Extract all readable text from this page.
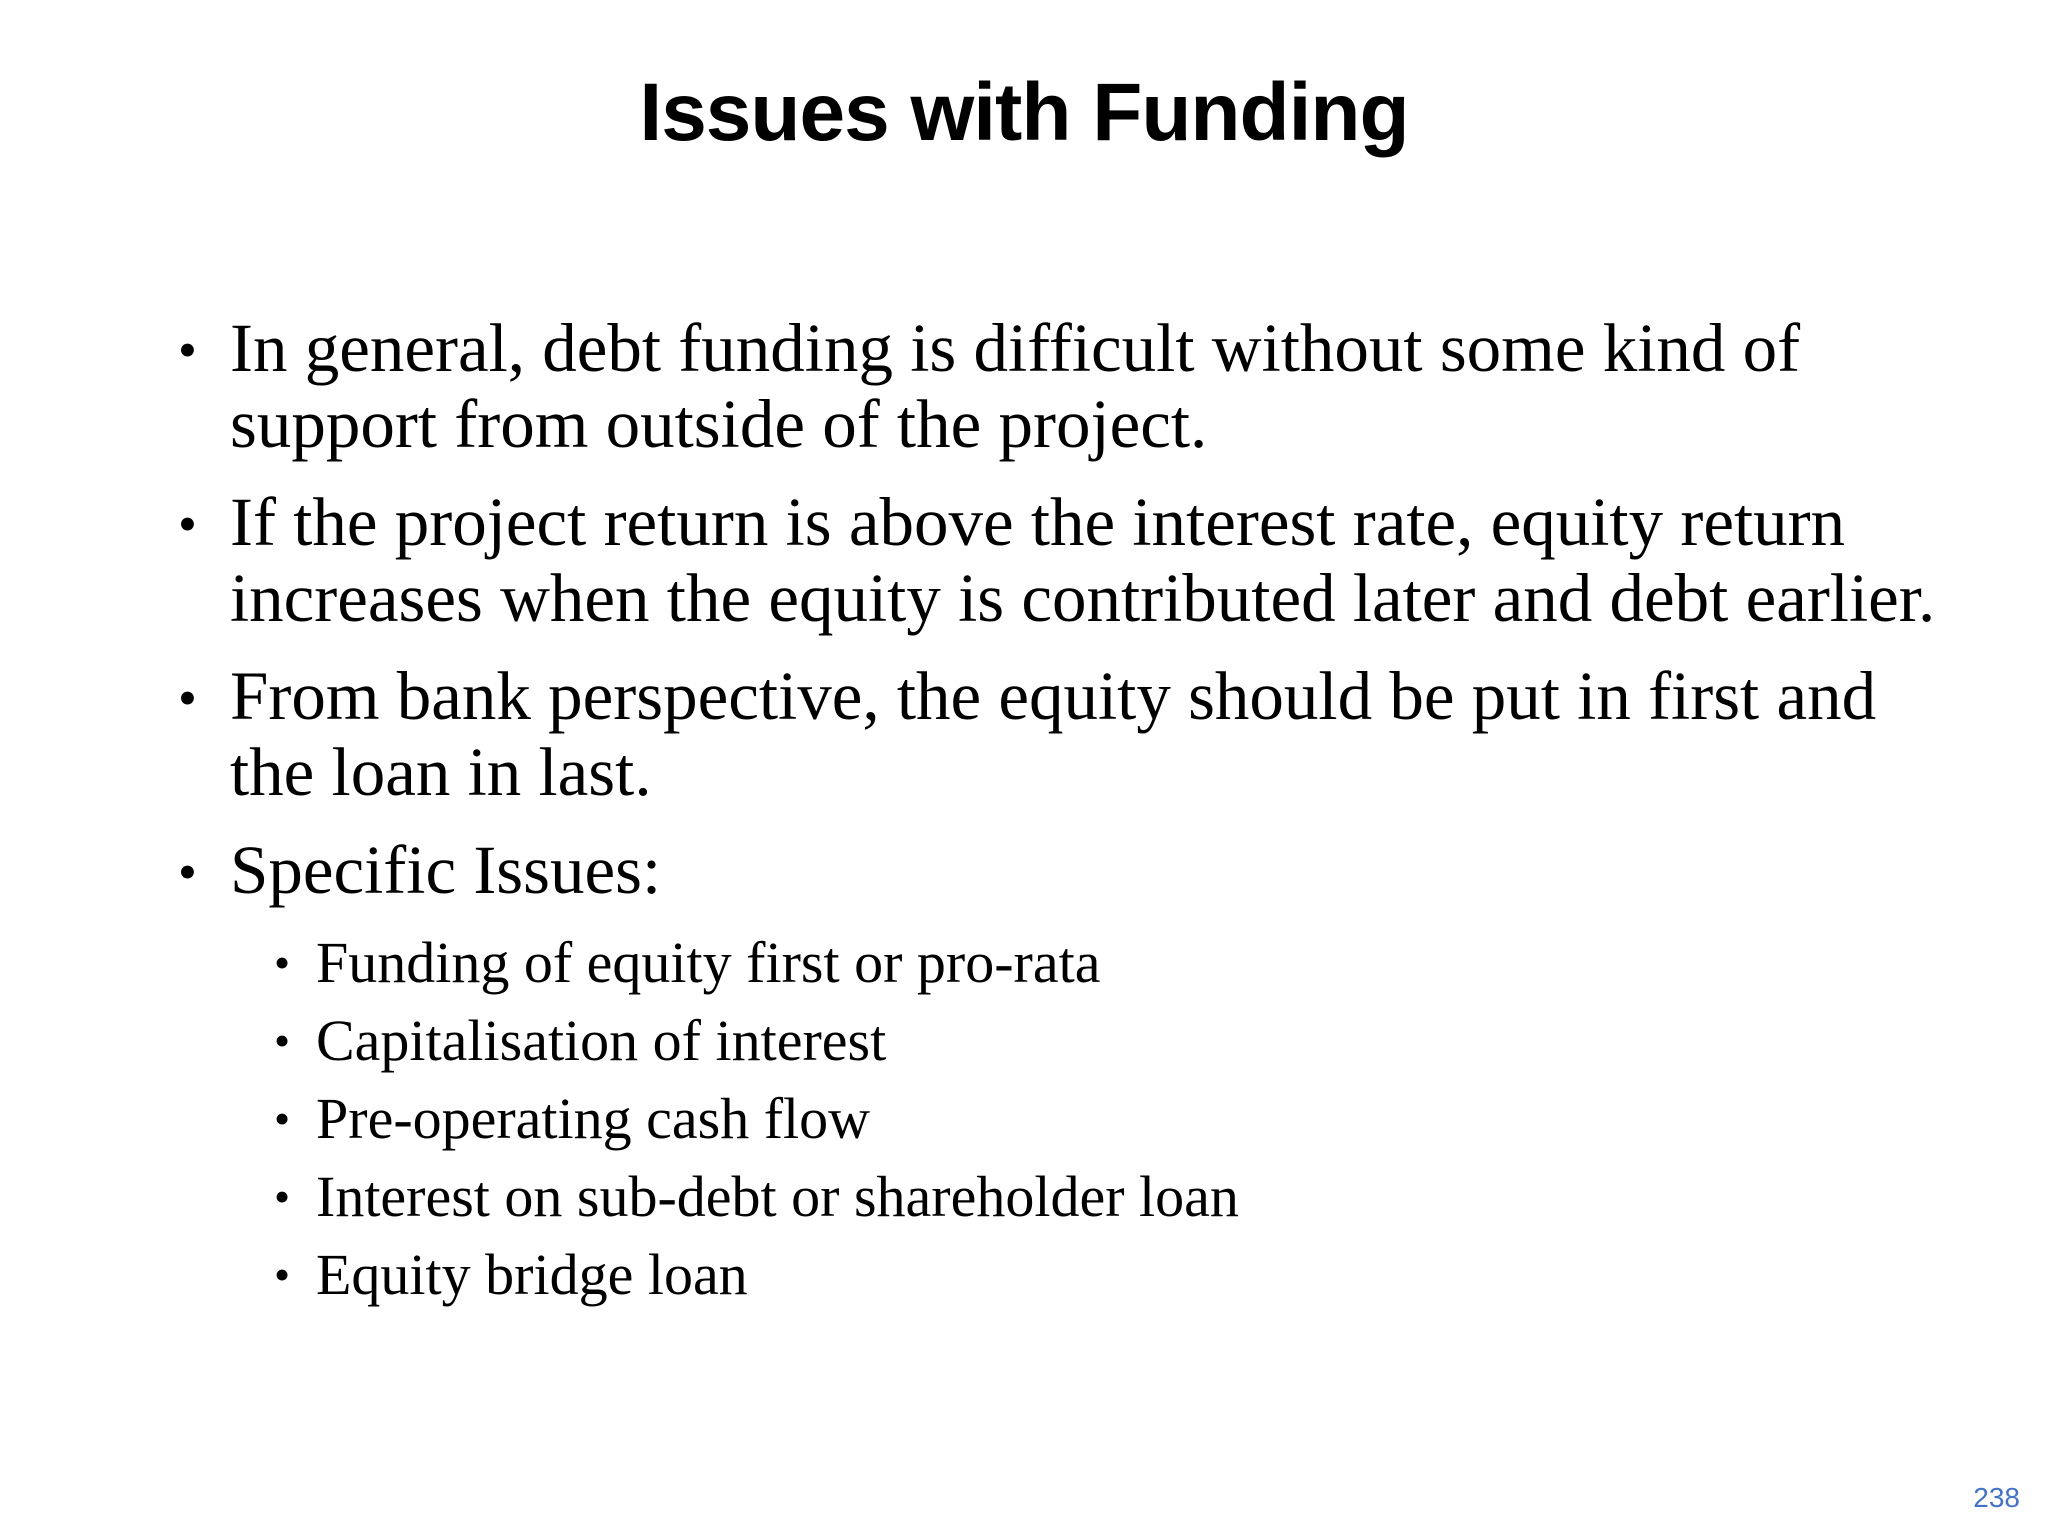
Issues with Funding
• In general, debt funding is difficult without some kind of support from outside of the project.
• If the project return is above the interest rate, equity return increases when the equity is contributed later and debt earlier.
• From bank perspective, the equity should be put in first and the loan in last.
• Specific Issues:
• Funding of equity first or pro-rata
• Capitalisation of interest
• Pre-operating cash flow
• Interest on sub-debt or shareholder loan
• Equity bridge loan
238
